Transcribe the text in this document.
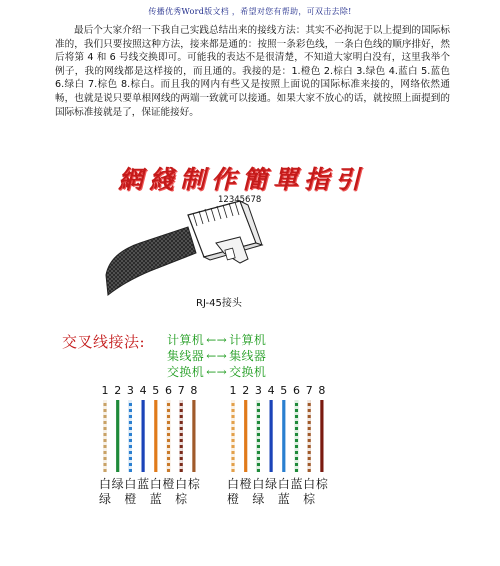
传播优秀Word版文档 ，希望对您有帮助，可双击去除!
最后个大家介绍一下我自己实践总结出来的接线方法：其实不必拘泥于以上提到的国际标准的，我们只要按照这种方法，接来都是通的：按照一条彩色线，一条白色线的顺序排好，然后将第 4 和 6 号线交换即可。可能我的表达不是很清楚，不知道大家明白没有，这里我举个例子，我的网线都是这样接的，而且通的。我接的是：1.橙色 2.棕白 3.绿色 4.蓝白 5.蓝色 6.绿白 7.棕色 8.棕白。而且我的网内有些又是按照上面说的国际标准来接的，网络依然通畅，也就是说只要单根网线的两端一致就可以接通。如果大家不放心的话，就按照上面提到的国际标准接就是了，保证能接好。
網綫制作簡單指引
12345678
RJ-45接头
交叉线接法: 计算机 ←→ 计算机
集线器 ←→ 集线器
交换机 ←→ 交换机
1 2 3 4 5 6 7 8	1 2 3 4 5 6 7 8
白 绿 白 蓝 白 橙 白 棕
绿 橙 蓝 棕
白 橙 白 绿 白 蓝 白 棕
橙 绿 蓝 棕
